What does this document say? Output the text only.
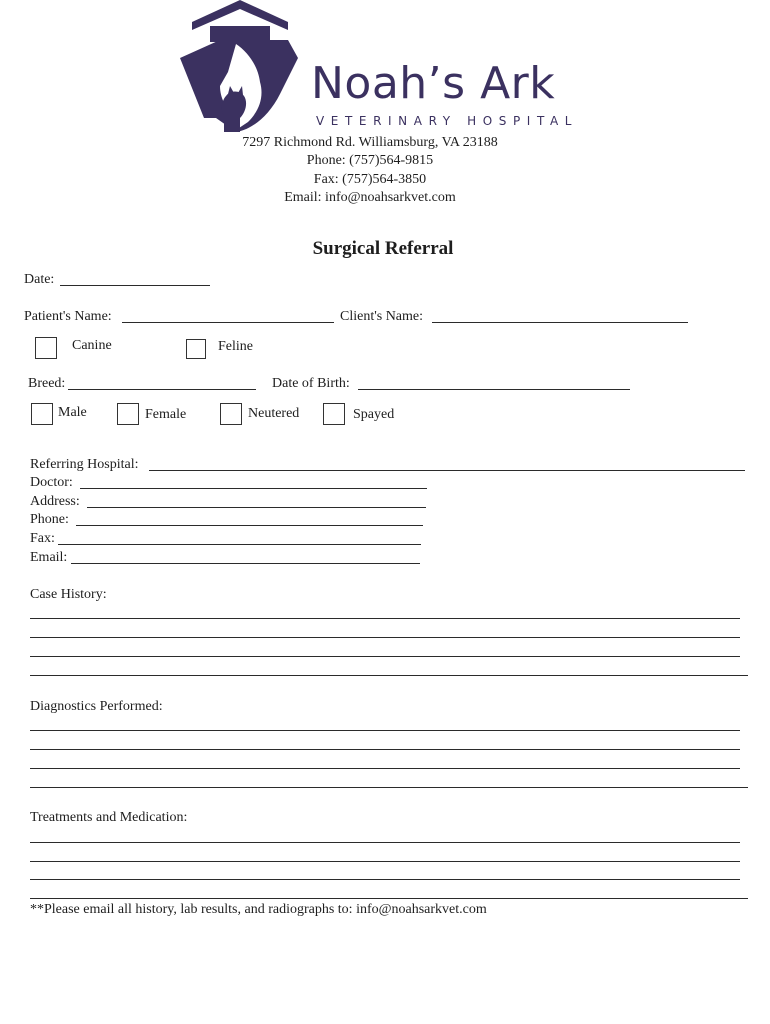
Noah’s Ark
VETERINARY HOSPITAL
7297 Richmond Rd. Williamsburg, VA 23188
Phone: (757)564-9815
Fax: (757)564-3850
Email: info@noahsarkvet.com
Surgical Referral
Date:
Patient's Name:	Client's Name:
Canine	Feline
Breed:	Date of Birth:
Male	Female	Neutered	Spayed
Referring Hospital:
Doctor:
Address:
Phone:
Fax:
Email:
Case History:
Diagnostics Performed:
Treatments and Medication:
**Please email all history, lab results, and radiographs to: info@noahsarkvet.com
